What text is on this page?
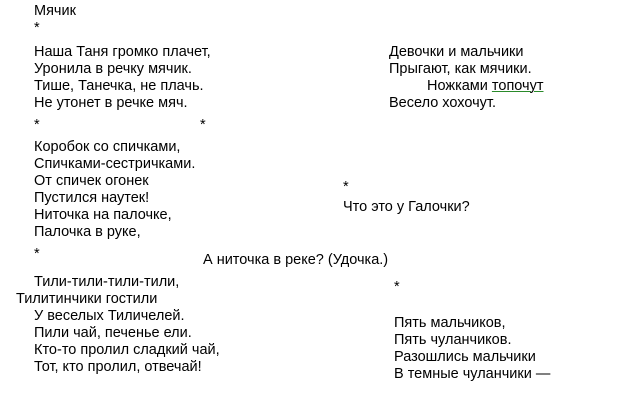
Мячик
*
Наша Таня громко плачет,
Уронила в речку мячик.
Тише, Танечка, не плачь.
Не утонет в речке мяч.
*	*
Коробок со спичками,
Спичками-сестричками.
От спичек огонек
Пустился наутек!
Ниточка на палочке,
Палочка в руке,
*	А ниточка в реке? (Удочка.)
Тили-тили-тили-тили,
Тилитинчики гостили
У веселых Тиличелей.
Пили чай, печенье ели.
Кто-то пролил сладкий чай,
Тот, кто пролил, отвечай!
Девочки и мальчики
Прыгают, как мячики.
Ножками топочут
Весело хохочут.
*
Что это у Галочки?
*
Пять мальчиков,
Пять чуланчиков.
Разошлись мальчики
В темные чуланчики —
